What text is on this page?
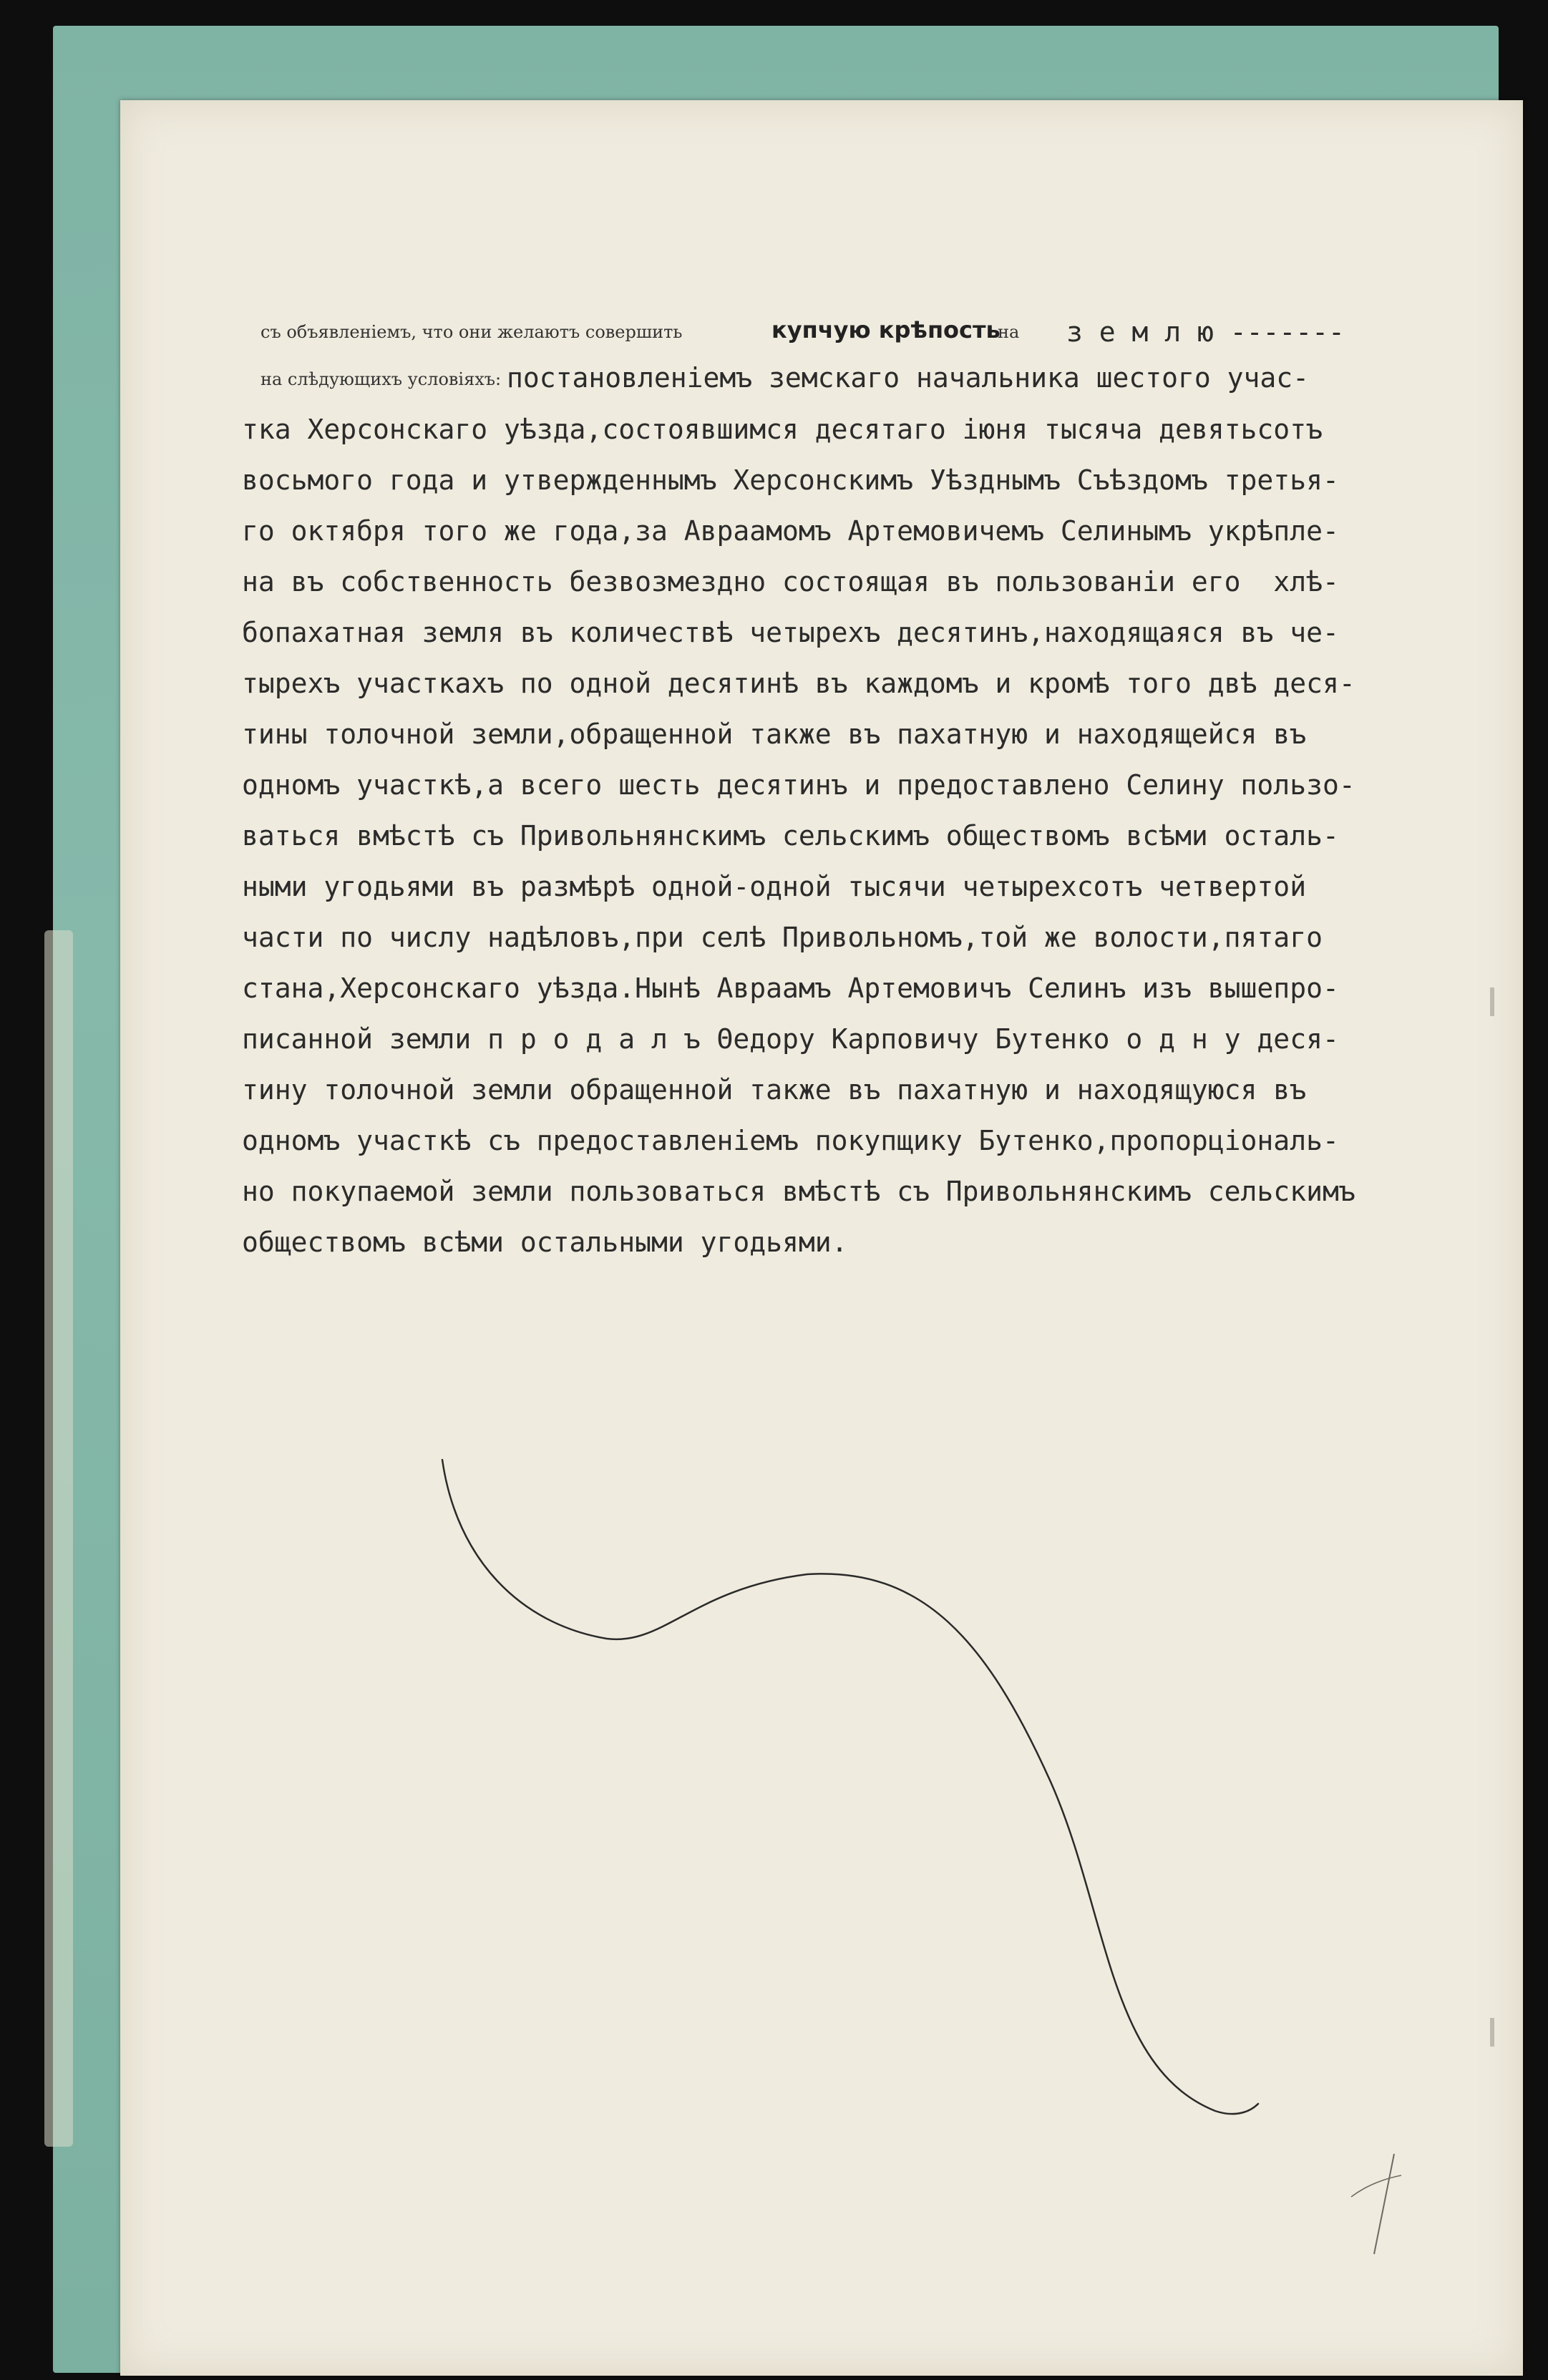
съ объявленіемъ, что они желаютъ совершить	купчую крѣпость
на з е м л ю -------
на слѣдующихъ условіяхъ: постановленіемъ земскаго начальника шестого учас-
тка Херсонскаго уѣзда,состоявшимся десятаго іюня тысяча девятьсотъ
восьмого года и утвержденнымъ Херсонскимъ Уѣзднымъ Съѣздомъ третья-
го октября того же года,за Авраамомъ Артемовичемъ Селинымъ укрѣпле-
на въ собственность безвозмездно состоящая въ пользованіи его  хлѣ-
бопахатная земля въ количествѣ четырехъ десятинъ,находящаяся въ че-
тырехъ участкахъ по одной десятинѣ въ каждомъ и кромѣ того двѣ деся-
тины толочной земли,обращенной также въ пахатную и находящейся въ
одномъ участкѣ,а всего шесть десятинъ и предоставлено Селину пользо-
ваться вмѣстѣ съ Привольнянскимъ сельскимъ обществомъ всѣми осталь-
ными угодьями въ размѣрѣ одной-одной тысячи четырехсотъ четвертой
части по числу надѣловъ,при селѣ Привольномъ,той же волости,пятаго
стана,Херсонскаго уѣзда.Нынѣ Авраамъ Артемовичъ Селинъ изъ вышепро-
писанной земли п р о д а л ъ Θедору Карповичу Бутенко о д н у деся-
тину толочной земли обращенной также въ пахатную и находящуюся въ
одномъ участкѣ съ предоставленіемъ покупщику Бутенко,пропорціональ-
но покупаемой земли пользоваться вмѣстѣ съ Привольнянскимъ сельскимъ
обществомъ всѣми остальными угодьями.
